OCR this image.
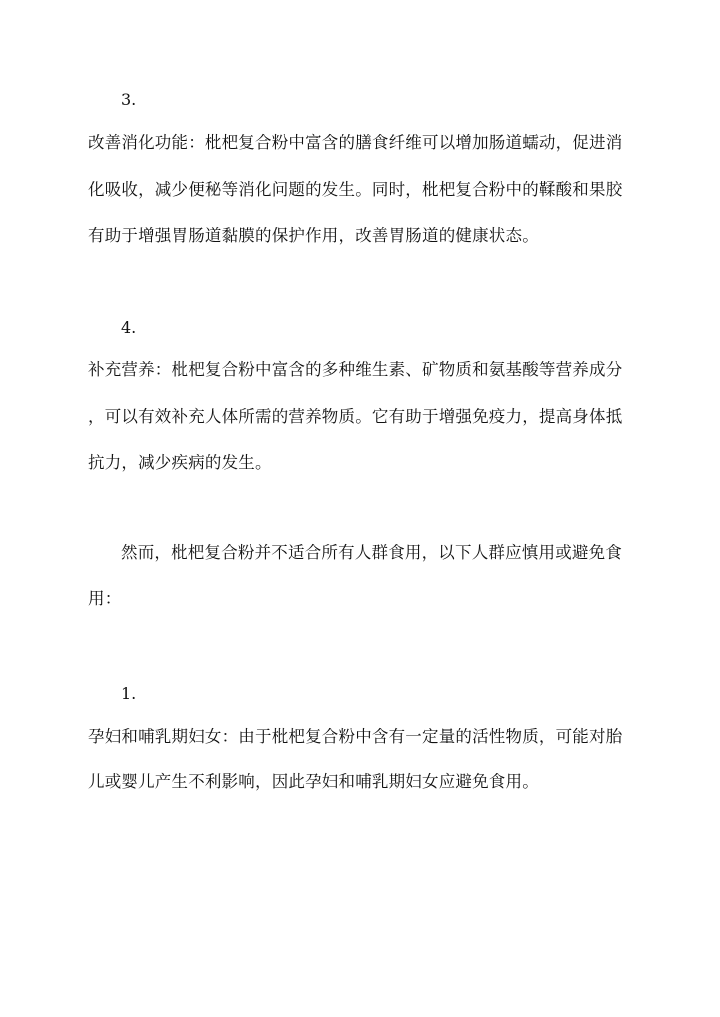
3.
改善消化功能：枇杷复合粉中富含的膳食纤维可以增加肠道蠕动，促进消
化吸收，减少便秘等消化问题的发生。同时，枇杷复合粉中的鞣酸和果胶
有助于增强胃肠道黏膜的保护作用，改善胃肠道的健康状态。
4.
补充营养：枇杷复合粉中富含的多种维生素、矿物质和氨基酸等营养成分
，可以有效补充人体所需的营养物质。它有助于增强免疫力，提高身体抵
抗力，减少疾病的发生。
然而，枇杷复合粉并不适合所有人群食用，以下人群应慎用或避免食
用：
1.
孕妇和哺乳期妇女：由于枇杷复合粉中含有一定量的活性物质，可能对胎
儿或婴儿产生不利影响，因此孕妇和哺乳期妇女应避免食用。
